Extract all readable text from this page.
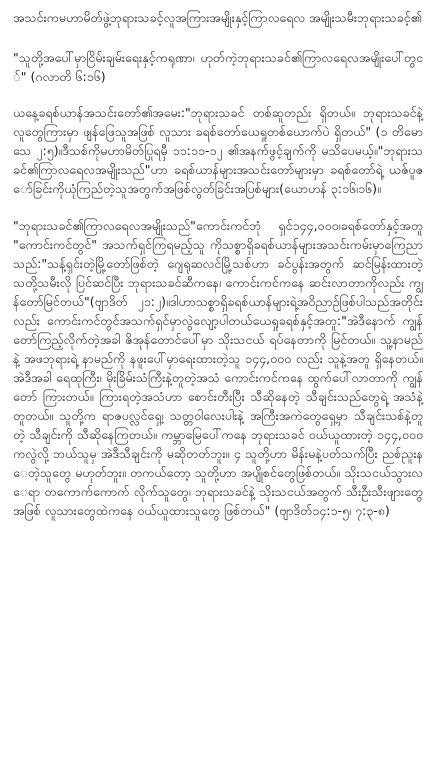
အသင်းကမဟာမိတ်ဖွဲ့ဘုရားသခင့်လူအကြားအမျိုးနှင့်ကြာလရေလ အမျိုးသမီးဘုရားသခင့်၏

"သူတို့အပေါ်မှာငြိမ်းချမ်းရေးနှင့်ကရုဏာ၊ ဟုတ်ကဲ့ဘုရားသခင်၏ကြာလရေလအမျိုးပေါ်တွင်" (ဂလာတိ ၆:၁၆)

ယနေ့ခရစ်ယာန်အသင်းတော်၏အမေး:"ဘုရားသခင် တစ်ဆူတည်း ရှိတယ်။ ဘုရားသခင်နဲ့ လူတွေကြားမှာ ဖျန်ဖြေသူအဖြစ် လူသား ခရစ်တော်ယေရှုတစ်ယောက်ပဲ ရှိတယ်" (၁ တိမောသေ ၂:၅)။ဒီသစ်ကိုမဟာမိတ်ပြုရမှီ ၁၁:၁၁-၁၂ ၏အနက်ဖွင့်ချက်ကို မသိပေမယ့်။"ဘုရားသခင်၏ကြာလရေလအမျိုးသည်"ဟာ ခရစ်ယာန်များအသင်းတော်များမှာ ခရစ်တော်ရဲ့ ယဇ်ပူဇော်ခြင်းကိုယုံကြည်တဲ့သူအတွက်အဖြစ်လွတ်ခြင်းအပြစ်များ(ယောဟန် ၃:၁၆၊၁၆)။

"ဘုရားသခင်၏ကြာလရေလအမျိုးသည်"ကောင်းကင်ဘုံ ရှင်၁၄၄,၀၀၀၊ခရစ်တော်နှင့်အတူ "ကောင်းကင်တွင်" အသက်ရှင်ကြရမည့်သူ ကိုသစ္စာရှိခရစ်ယာန်များအသင်းကမ်းမှာကြေညာသည်:"သန့်ရှင်းတဲ့မြို့တော်ဖြစ်တဲ့ ဂျေရုဆလင်မြို့သစ်ဟာ ခင်ပွန်းအတွက် ဆင်မြန်းထားတဲ့ သတို့သမီးလို ပြင်ဆင်ပြီး ဘုရားသခင်ဆီကနေ၊ ကောင်းကင်ကနေ ဆင်းလာတာကိုလည်း ကျွန်တော်မြင်တယ်"(ဗျာဒိတ် ၂၁:၂)။ဒါဟာသစ္စာရှိခရစ်ယာန်များရဲ့အဝိညာဉ်ဖြစ်ပါသည်အတိုင်းလည်း ကောင်းကင်တွင်အသက်ရှင်မှာလွဲလျော့ပါတယ်ယေရှုခရစ်နှင့်အတူ:"အဲဒီနောက် ကျွန်တော်ကြည့်လိုက်တဲ့အခါ ဇိအုန်တောင်ပေါ်မှာ သိုးသငယ် ရပ်နေတာကို မြင်တယ်။ သူ့နာမည်နဲ့ အဖဘုရားရဲ့ နာမည်ကို နဖူးပေါ်မှာရေးထားတဲ့သူ ၁၄၄,၀၀၀ လည်း သူနဲ့အတူ ရှိနေတယ်။ အဲဒီအခါ ရေထုကြီး၊ မိုးခြိမ်းသံကြီးနဲ့တူတဲ့အသံ ကောင်းကင်ကနေ ထွက်ပေါ်လာတာကို ကျွန်တော် ကြားတယ်။ ကြားရတဲ့အသံဟာ စောင်းတီးပြီး သီဆိုနေတဲ့ သီချင်းသည်တွေရဲ့ အသံနဲ့တူတယ်။ သူတို့က ရာဇပလ္လင်ရှေ့၊ သတ္တဝါလေးပါးနဲ့ အကြီးအကဲတွေရှေ့မှာ သီချင်းသစ်နဲ့တူတဲ့ သီချင်းကို သီဆိုနေကြတယ်။ ကမ္ဘာမြေပေါ်ကနေ ဘုရားသခင် ဝယ်ယူထားတဲ့ ၁၄၄,၀၀၀ ကလွဲလို့ ဘယ်သူမှ အဲဒီသီချင်းကို မဆိုတတ်ဘူး။ ၄ သူတို့ဟာ မိန်းမနဲ့ပတ်သက်ပြီး ညစ်ညူးနေတဲ့သူတွေ မဟုတ်ဘူး။ တကယ်တော့ သူတို့ဟာ အပျိုစင်တွေဖြစ်တယ်။ သိုးသငယ်သွားလေရာ တကောက်ကောက် လိုက်သူတွေ၊ ဘုရားသခင်နဲ့ သိုးသငယ်အတွက် သီးဦးသီးဖျားတွေအဖြစ် လူသားတွေထဲကနေ ဝယ်ယူထားသူတွေ ဖြစ်တယ်" (ဗျာဒိတ်၁၄:၁-၅၊ ၇:၃-၈)
